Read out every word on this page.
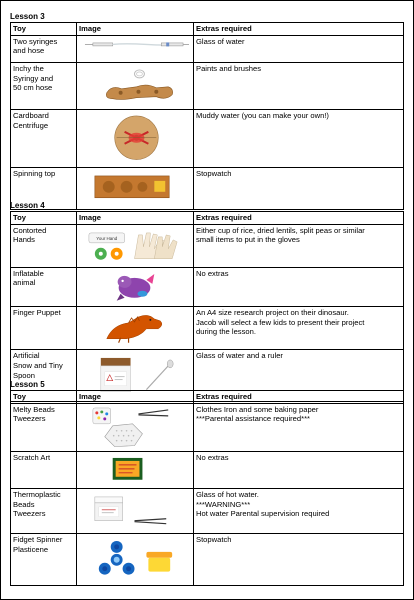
Lesson 3
Toy	Image	Extras required

Two syringes
and hose		Glass of water

Inchy the
Syringy and
50 cm hose		Paints and brushes

Cardboard
Centrifuge		Muddy water (you can make your own!)

Spinning top		Stopwatch
Lesson 4
Toy	Image	Extras required

Contorted
Hands	Your Hand	Either cup of rice, dried lentils, split peas or similar
small items to put in the gloves

Inflatable
animal		No extras

Finger Puppet		An A4 size research project on their dinosaur.
Jacob will select a few kids to present their project
during the lesson.

Artificial
Snow and Tiny
Spoon		Glass of water and a ruler
Lesson 5
Toy	Image	Extras required

Melty Beads
Tweezers		Clothes Iron and some baking paper
***Parental assistance required***

Scratch Art		No extras

Thermoplastic
Beads
Tweezers		Glass of hot water.
***WARNING***
Hot water Parental supervision required

Fidget Spinner
Plasticene		Stopwatch
